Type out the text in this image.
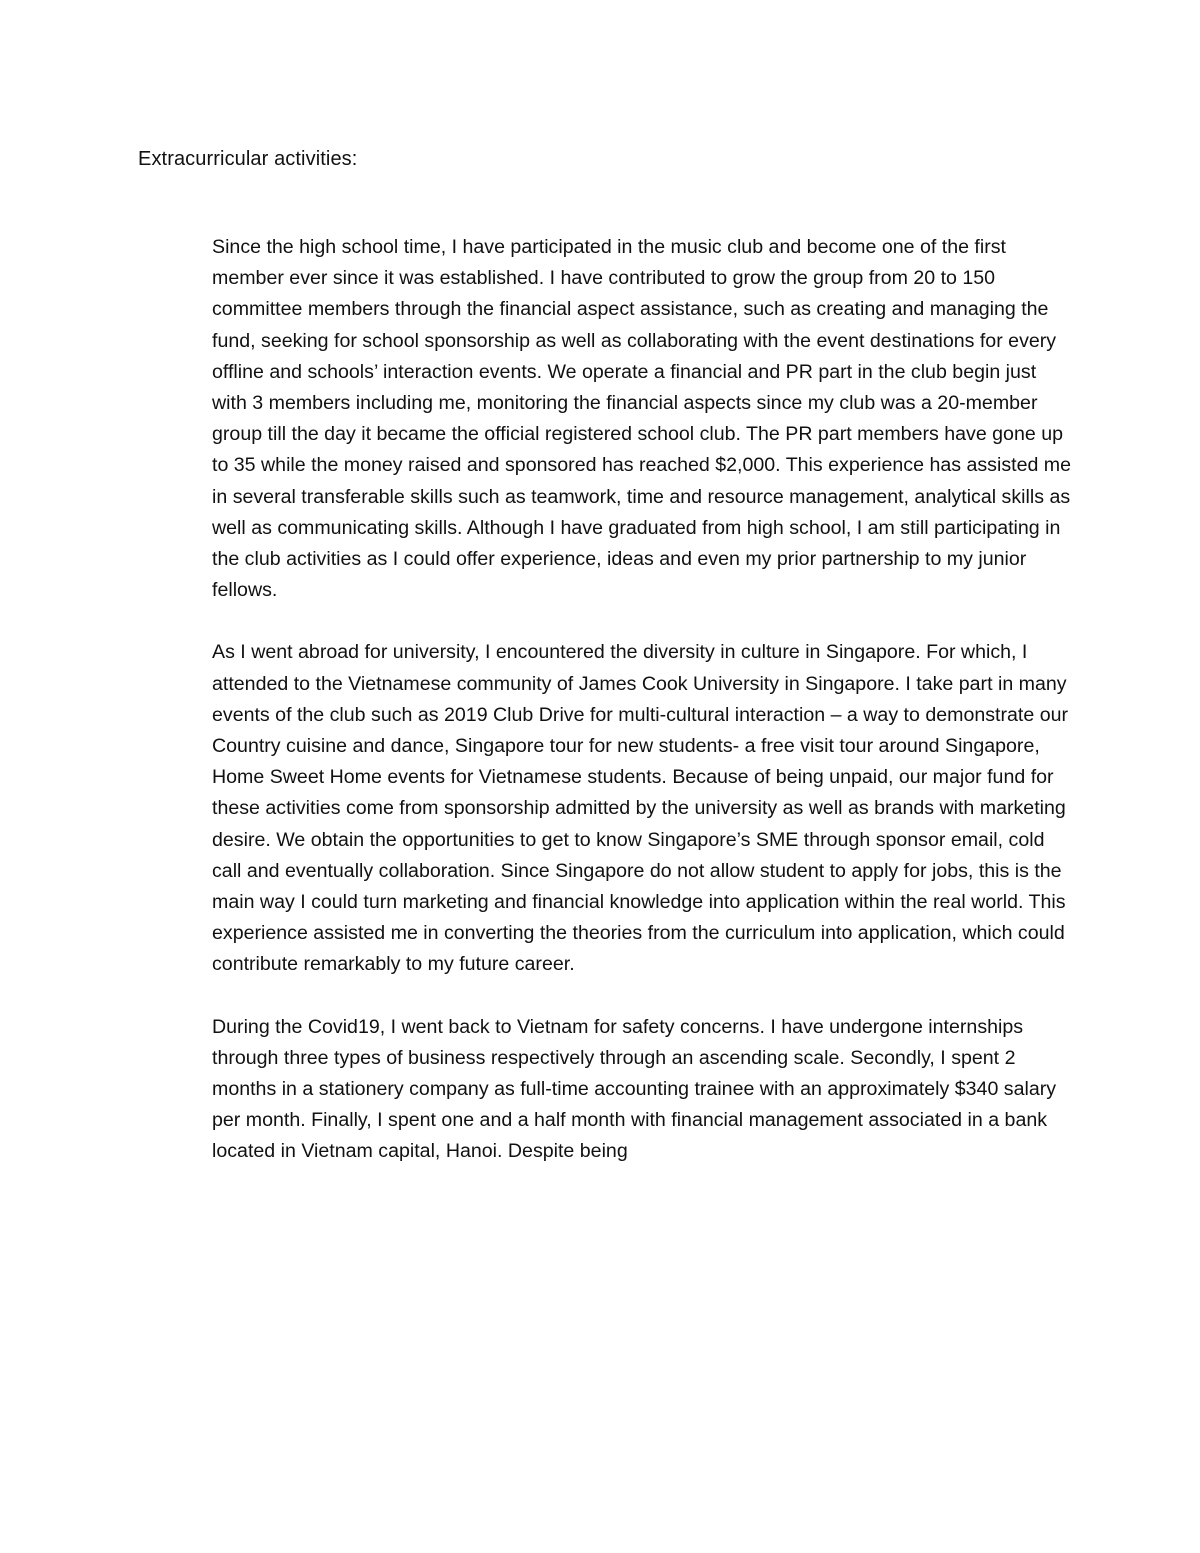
Extracurricular activities:

Since the high school time, I have participated in the music club and become one of the first member ever since it was established. I have contributed to grow the group from 20 to 150 committee members through the financial aspect assistance, such as creating and managing the fund, seeking for school sponsorship as well as collaborating with the event destinations for every offline and schools’ interaction events. We operate a financial and PR part in the club begin just with 3 members including me, monitoring the financial aspects since my club was a 20-member group till the day it became the official registered school club. The PR part members have gone up to 35 while the money raised and sponsored has reached $2,000. This experience has assisted me in several transferable skills such as teamwork, time and resource management, analytical skills as well as communicating skills. Although I have graduated from high school, I am still participating in the club activities as I could offer experience, ideas and even my prior partnership to my junior fellows.

As I went abroad for university, I encountered the diversity in culture in Singapore. For which, I attended to the Vietnamese community of James Cook University in Singapore. I take part in many events of the club such as 2019 Club Drive for multi-cultural interaction – a way to demonstrate our Country cuisine and dance, Singapore tour for new students- a free visit tour around Singapore, Home Sweet Home events for Vietnamese students. Because of being unpaid, our major fund for these activities come from sponsorship admitted by the university as well as brands with marketing desire. We obtain the opportunities to get to know Singapore’s SME through sponsor email, cold call and eventually collaboration. Since Singapore do not allow student to apply for jobs, this is the main way I could turn marketing and financial knowledge into application within the real world. This experience assisted me in converting the theories from the curriculum into application, which could contribute remarkably to my future career.

During the Covid19, I went back to Vietnam for safety concerns. I have undergone internships through three types of business respectively through an ascending scale. Secondly, I spent 2 months in a stationery company as full-time accounting trainee with an approximately $340 salary per month. Finally, I spent one and a half month with financial management associated in a bank located in Vietnam capital, Hanoi. Despite being
